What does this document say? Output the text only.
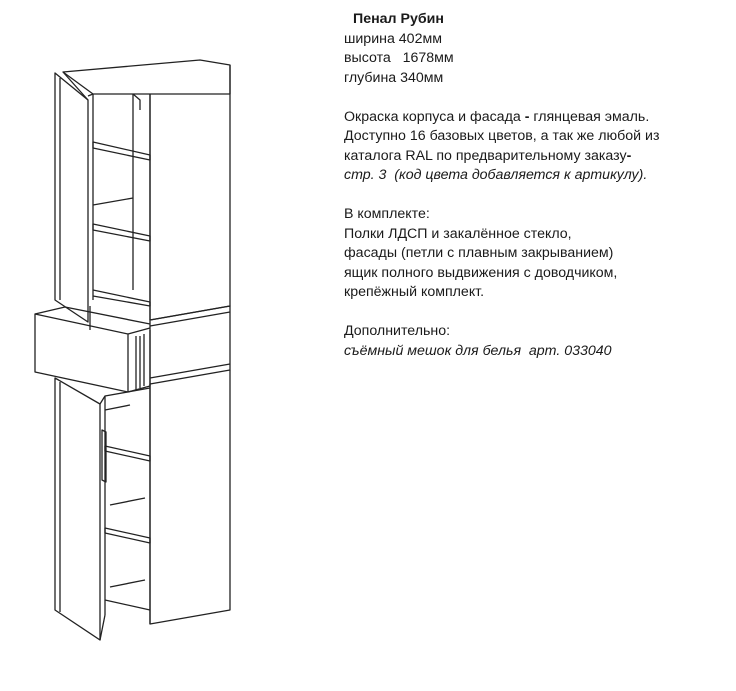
Пенал Рубин
ширина 402мм
высота   1678мм
глубина 340мм
Окраска корпуса и фасада - глянцевая эмаль.
Доступно 16 базовых цветов, а так же любой из
каталога RAL по предварительному заказу-
стр. 3  (код цвета добавляется к артикулу).
В комплекте:
Полки ЛДСП и закалённое стекло,
фасады (петли с плавным закрыванием)
ящик полного выдвижения с доводчиком,
крепёжный комплект.
Дополнительно:
съёмный мешок для белья  арт. 033040
